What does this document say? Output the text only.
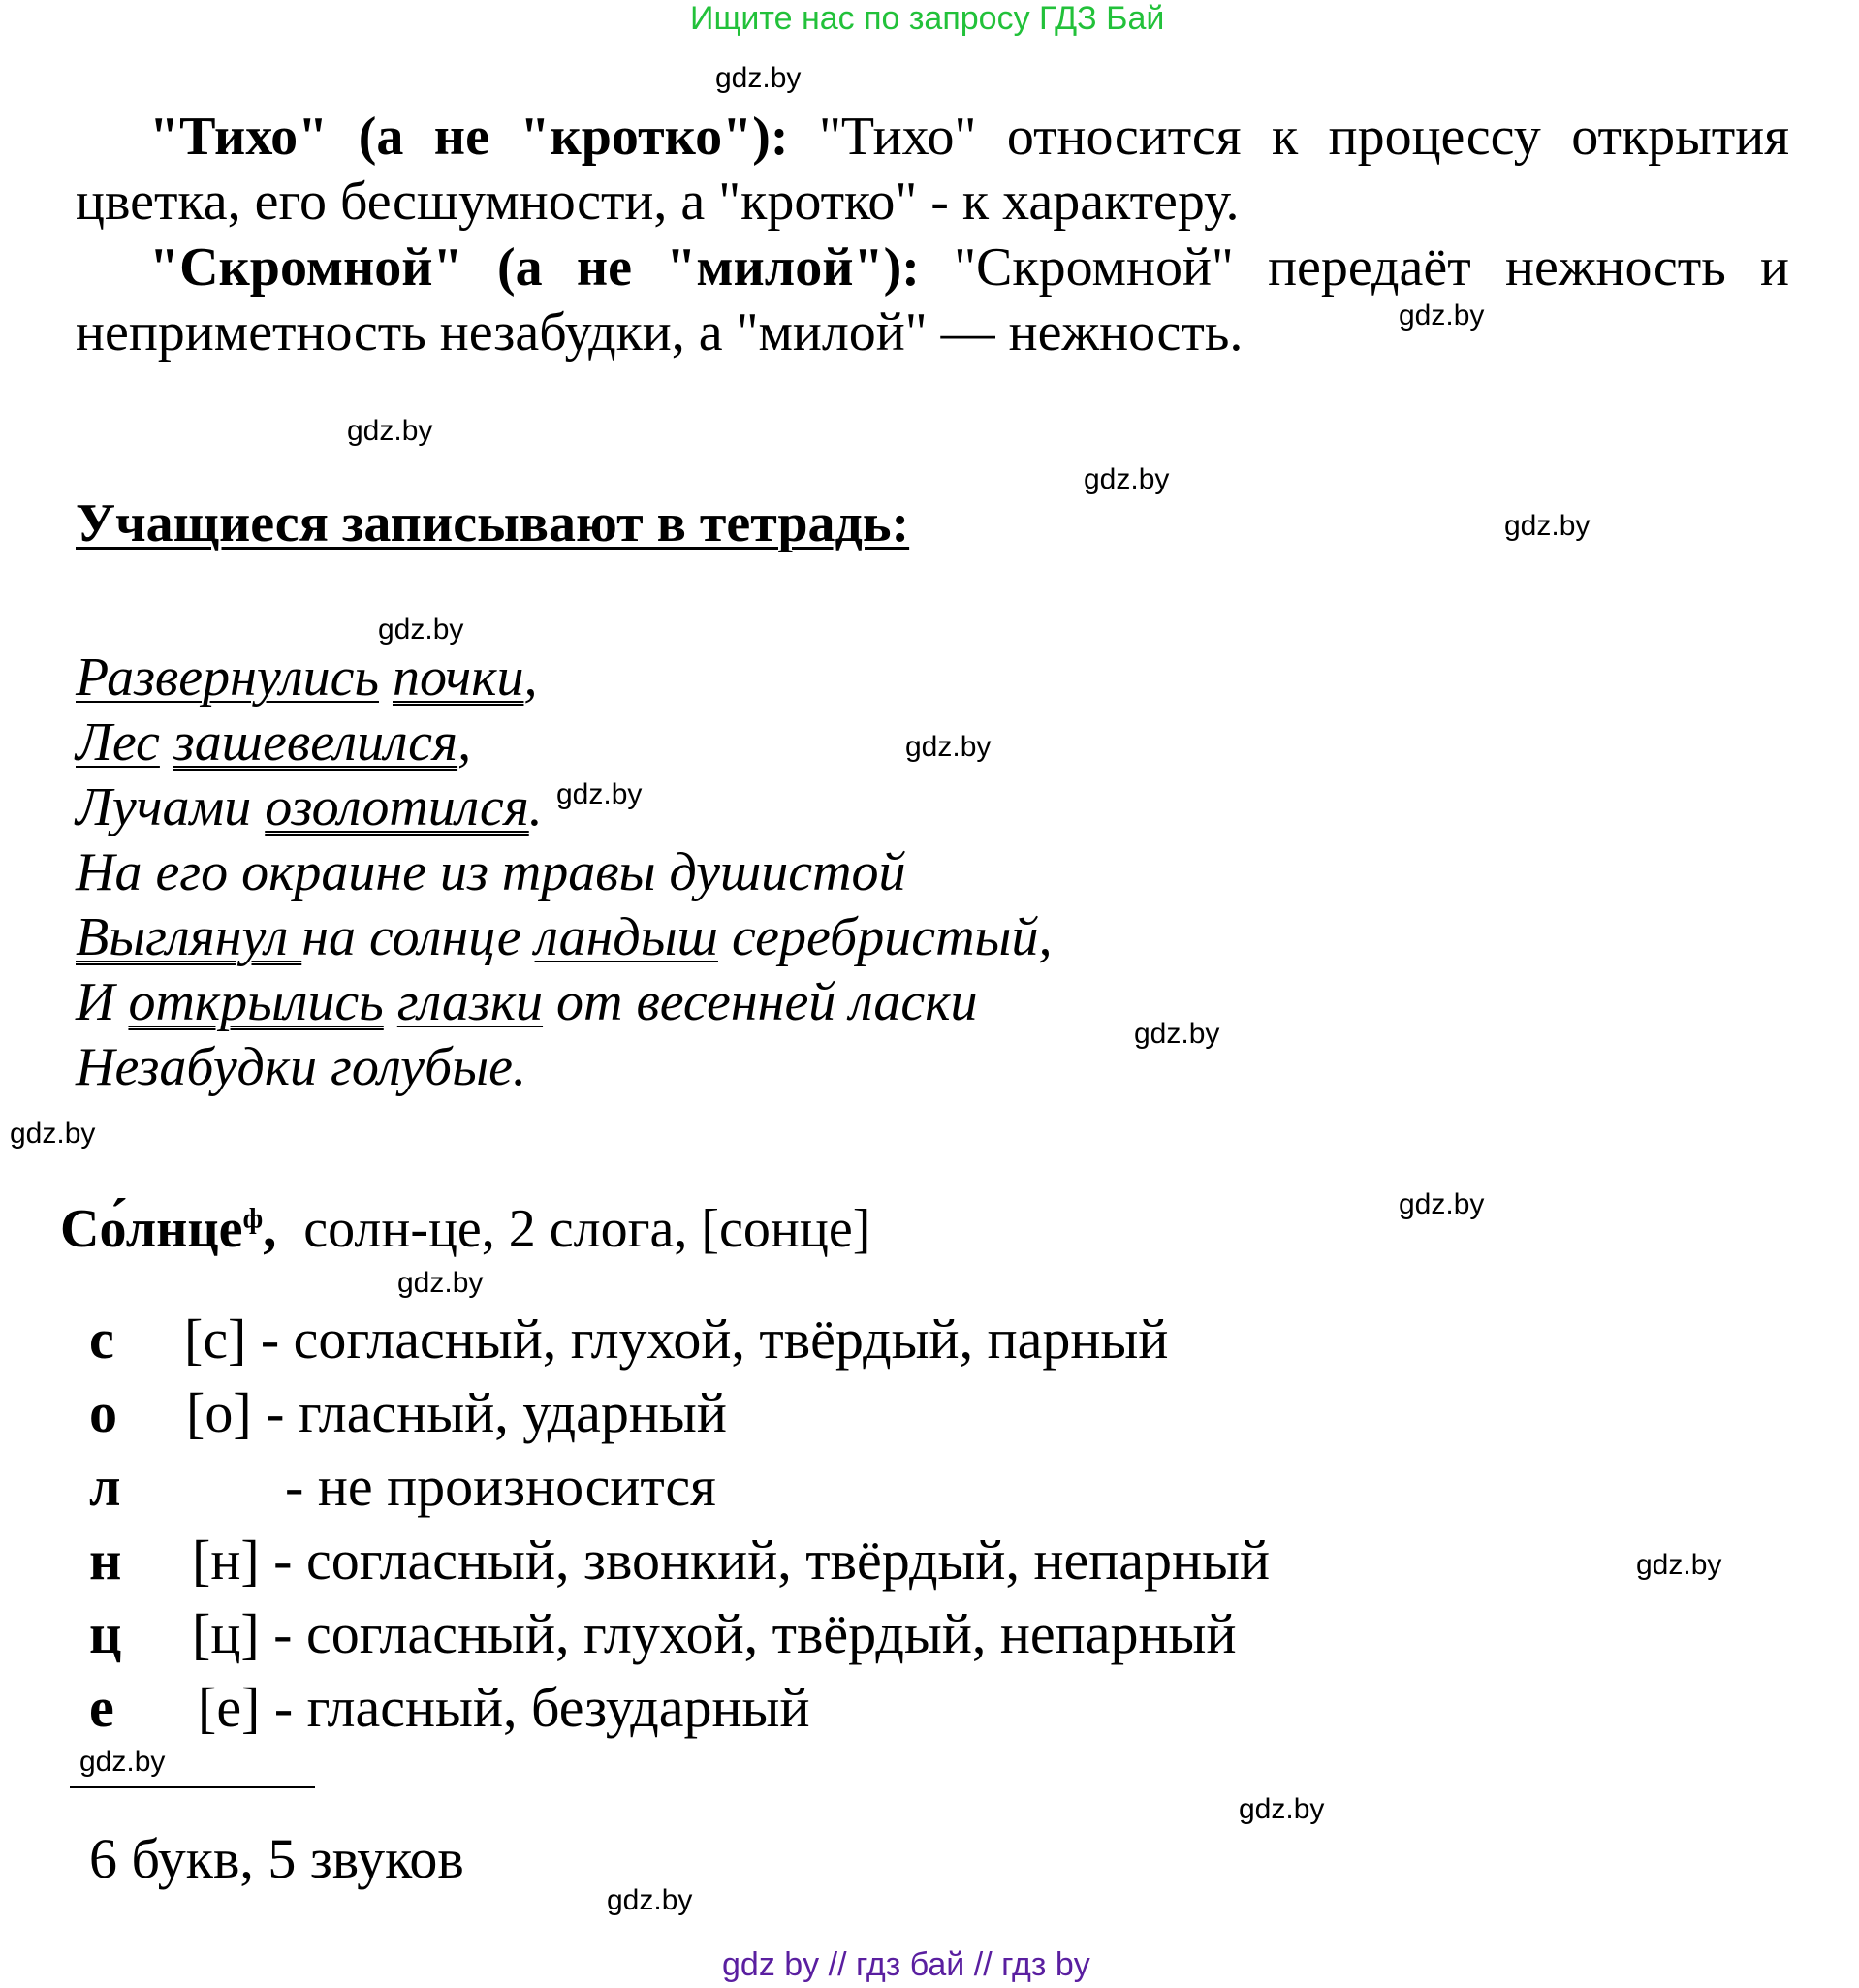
Ищите нас по запросу ГДЗ Бай
gdz.by
gdz.by
gdz.by
gdz.by
gdz.by
gdz.by
gdz.by
gdz.by
gdz.by
gdz.by
gdz.by
gdz.by
gdz.by
gdz.by
gdz.by
gdz.by
"Тихо" (а не "кротко"): "Тихо" относится к процессу открытия цветка, его бесшумности, а "кротко" - к характеру.
"Скромной" (а не "милой"): "Скромной" передаёт нежность и неприметность незабудки, а "милой" — нежность.
Учащиеся записывают в тетрадь:
Развернулись почки,
Лес зашевелился,
Лучами озолотился.
На его окраине из травы душистой
Выглянул на солнце ландыш серебристый,
И открылись глазки от весенней ласки
Незабудки голубые.
Со́лнце$^ф$, солн-це, 2 слога, [сонце]
с	[с] - согласный, глухой, твёрдый, парный
о	[о] - гласный, ударный
л	- не произносится
н	[н] - согласный, звонкий, твёрдый, непарный
ц	[ц] - согласный, глухой, твёрдый, непарный
е	[е] - гласный, безударный
6 букв, 5 звуков
gdz by // гдз бай // гдз by
